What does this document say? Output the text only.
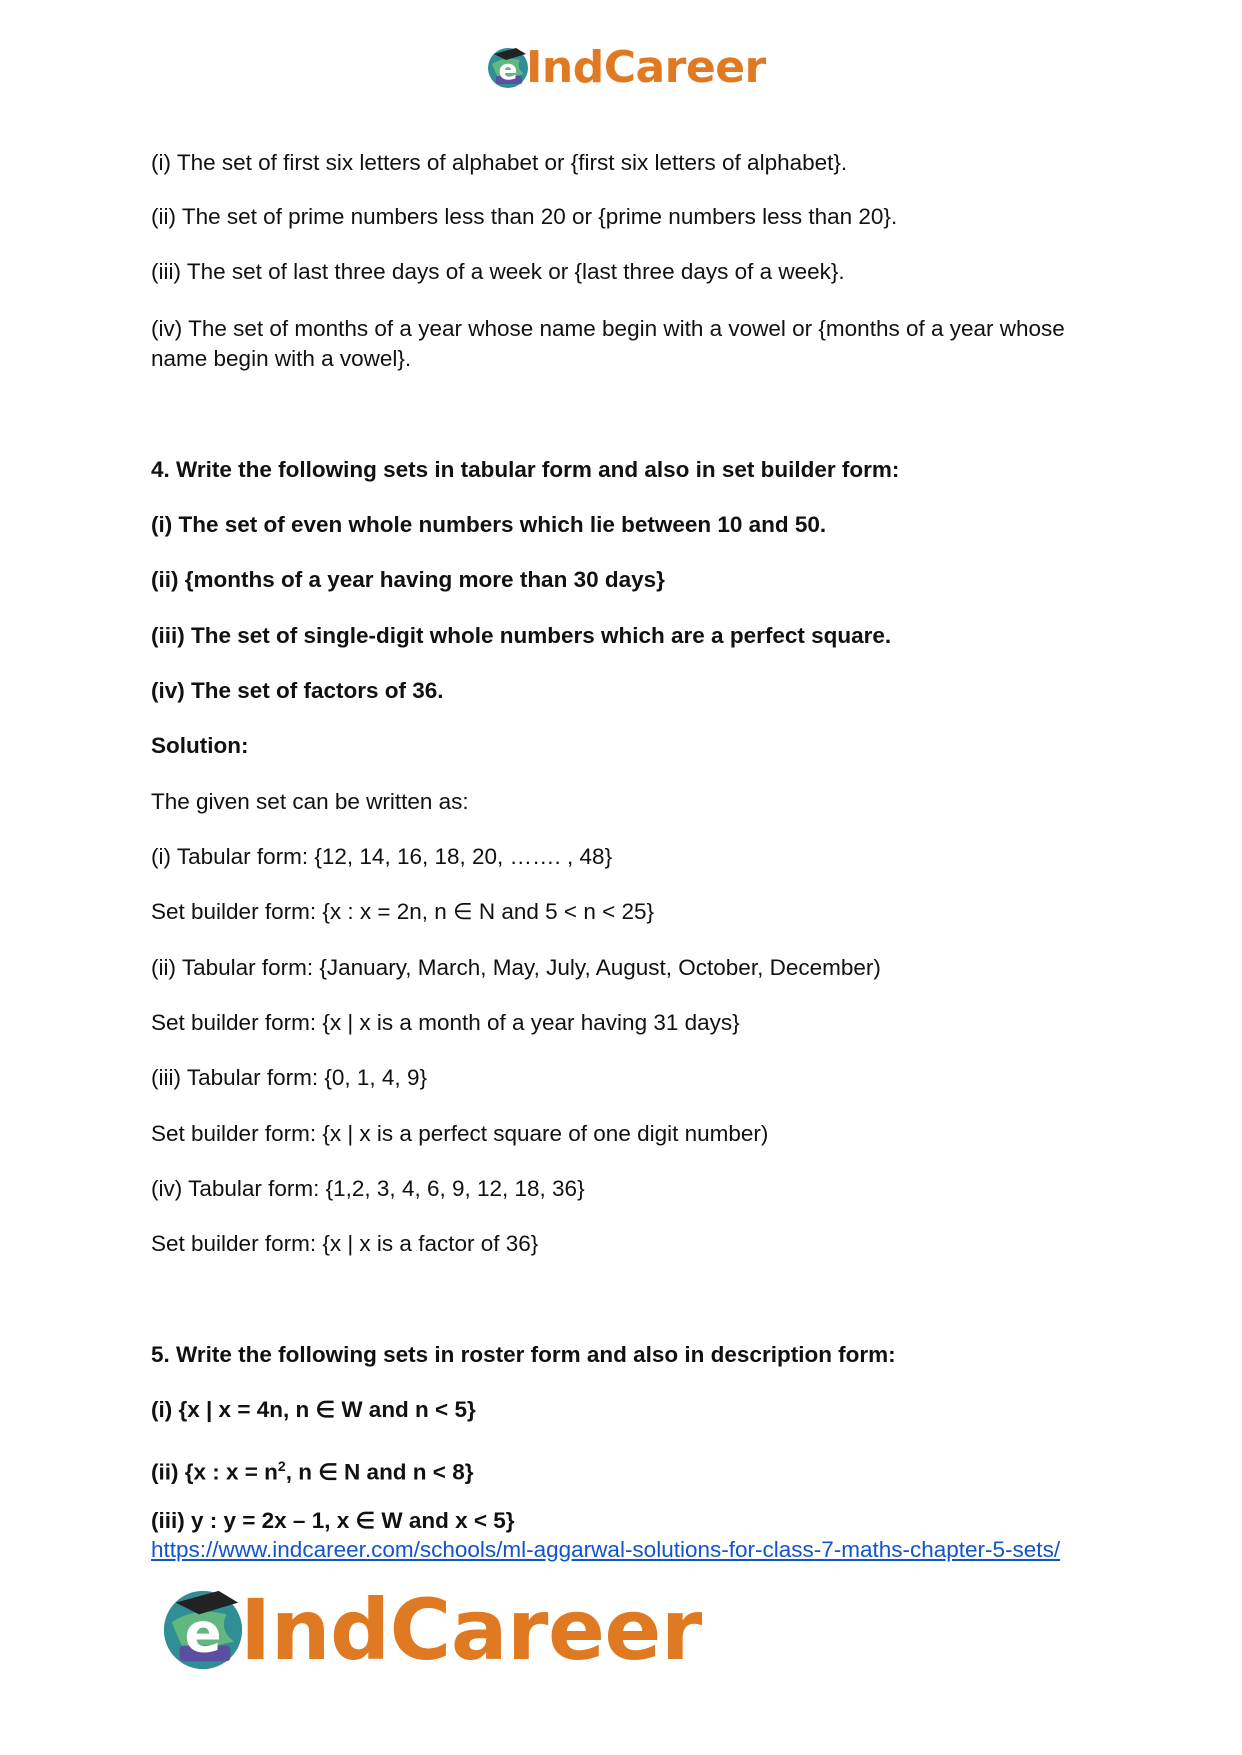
e IndCareer
(i) The set of first six letters of alphabet or {first six letters of alphabet}.
(ii) The set of prime numbers less than 20 or {prime numbers less than 20}.
(iii) The set of last three days of a week or {last three days of a week}.
(iv) The set of months of a year whose name begin with a vowel or {months of a year whose name begin with a vowel}.
4. Write the following sets in tabular form and also in set builder form:
(i) The set of even whole numbers which lie between 10 and 50.
(ii) {months of a year having more than 30 days}
(iii) The set of single-digit whole numbers which are a perfect square.
(iv) The set of factors of 36.
Solution:
The given set can be written as:
(i) Tabular form: {12, 14, 16, 18, 20, ……. , 48}
Set builder form: {x : x = 2n, n ∈ N and 5 < n < 25}
(ii) Tabular form: {January, March, May, July, August, October, December)
Set builder form: {x | x is a month of a year having 31 days}
(iii) Tabular form: {0, 1, 4, 9}
Set builder form: {x | x is a perfect square of one digit number)
(iv) Tabular form: {1,2, 3, 4, 6, 9, 12, 18, 36}
Set builder form: {x | x is a factor of 36}
5. Write the following sets in roster form and also in description form:
(i) {x | x = 4n, n ∈ W and n < 5}
(ii) {x : $x = n^2$, n ∈ N and n < 8}
(iii) y : y = 2x – 1, x ∈ W and x < 5}
https://www.indcareer.com/schools/ml-aggarwal-solutions-for-class-7-maths-chapter-5-sets/
e IndCareer
